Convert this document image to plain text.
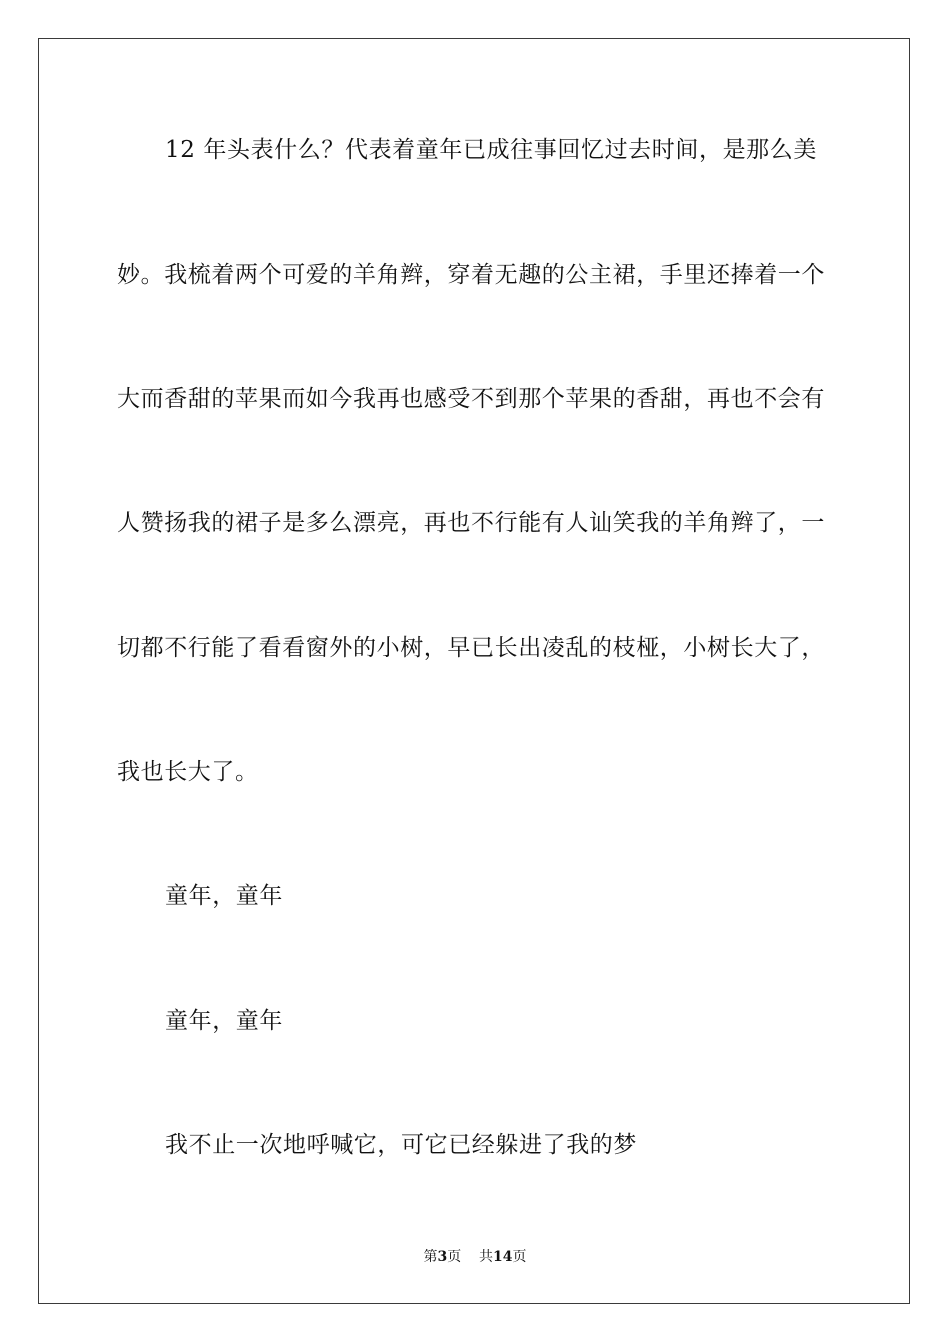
12 年头表什么？代表着童年已成往事回忆过去时间，是那么美
妙。我梳着两个可爱的羊角辫，穿着无趣的公主裙，手里还捧着一个
大而香甜的苹果而如今我再也感受不到那个苹果的香甜，再也不会有
人赞扬我的裙子是多么漂亮，再也不行能有人讪笑我的羊角辫了，一
切都不行能了看看窗外的小树，早已长出凌乱的枝桠，小树长大了，
我也长大了。
童年，童年
童年，童年
我不止一次地呼喊它，可它已经躲进了我的梦
第3页 共14页
